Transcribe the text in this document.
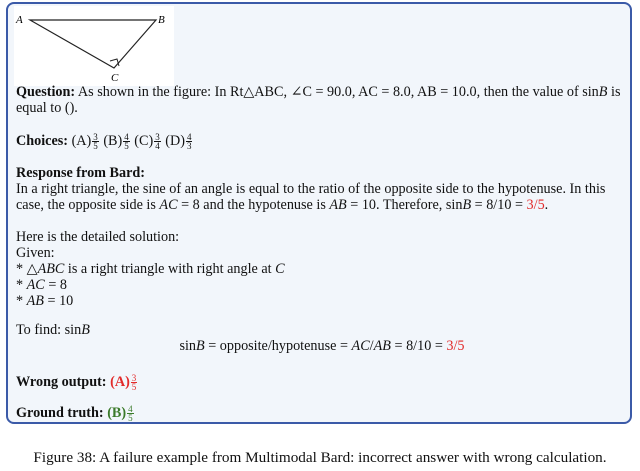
A	B
C
Question: As shown in the figure: In Rt△ABC, ∠C = 90.0, AC = 8.0, AB = 10.0, then the value of sinB is
equal to ().
Choices: $(A) \frac{3}{5} (B) \frac{4}{5} (C) \frac{3}{4} (D) \frac{4}{3}$
Response from Bard:
In a right triangle, the sine of an angle is equal to the ratio of the opposite side to the hypotenuse. In this
case, the opposite side is AC = 8 and the hypotenuse is AB = 10. Therefore, sinB = 8/10 = 3/5.
Here is the detailed solution:
Given:
* △ABC is a right triangle with right angle at C
* AC = 8
* AB = 10
To find: sinB
sinB = opposite/hypotenuse = AC/AB = 8/10 = 3/5
Wrong output: $(A) \frac{3}{5}$
Ground truth: $(B) \frac{4}{5}$
Figure 38: A failure example from Multimodal Bard: incorrect answer with wrong calculation.
